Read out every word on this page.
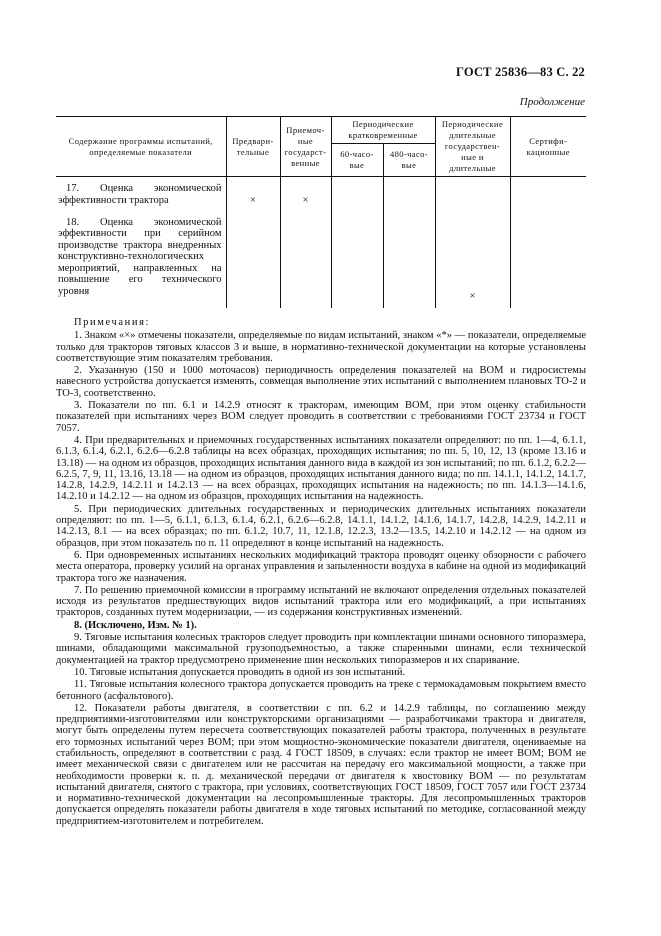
ГОСТ 25836—83 С. 22
Продолжение
Содержание программы испытаний, определяемые показатели	Предвари-тельные	Приемоч-ные государст-венные	Периодические кратковременные		Периодические длительные государствен-ные и длительные	Сертифи-кационные
			60-часо-вые	480-часо-вые		

17. Оценка экономической эффективности трактора	×	×				

18. Оценка экономической эффективности при серийном производстве трактора внедренных конструктивно-технологических мероприятий, направленных на повышение его технического уровня					×	

Примечания:

1. Знаком «×» отмечены показатели, определяемые по видам испытаний, знаком «*» — показатели, определяемые только для тракторов тяговых классов 3 и выше, в нормативно-технической документации на которые установлены соответствующие этим показателям требования.

2. Указанную (150 и 1000 моточасов) периодичность определения показателей на ВОМ и гидросистемы навесного устройства допускается изменять, совмещая выполнение этих испытаний с выполнением плановых ТО-2 и ТО-3, соответственно.

3. Показатели по пп. 6.1 и 14.2.9 относят к тракторам, имеющим ВОМ, при этом оценку стабильности показателей при испытаниях через ВОМ следует проводить в соответствии с требованиями ГОСТ 23734 и ГОСТ 7057.

4. При предварительных и приемочных государственных испытаниях показатели определяют: по пп. 1—4, 6.1.1, 6.1.3, 6.1.4, 6.2.1, 6.2.6—6.2.8 таблицы на всех образцах, проходящих испытания; по пп. 5, 10, 12, 13 (кроме 13.16 и 13.18) — на одном из образцов, проходящих испытания данного вида в каждой из зон испытаний; по пп. 6.1.2, 6.2.2—6.2.5, 7, 9, 11, 13.16, 13.18 — на одном из образцов, проходящих испытания данного вида; по пп. 14.1.1, 14.1.2, 14.1.7, 14.2.8, 14.2.9, 14.2.11 и 14.2.13 — на всех образцах, проходящих испытания на надежность; по пп. 14.1.3—14.1.6, 14.2.10 и 14.2.12 — на одном из образцов, проходящих испытания на надежность.

5. При периодических длительных государственных и периодических длительных испытаниях показатели определяют: по пп. 1—5, 6.1.1, 6.1.3, 6.1.4, 6.2.1, 6.2.6—6.2.8, 14.1.1, 14.1.2, 14.1.6, 14.1.7, 14.2.8, 14.2.9, 14.2.11 и 14.2.13, 8.1 — на всех образцах; по пп. 6.1.2, 10.7, 11, 12.1.8, 12.2.3, 13.2—13.5, 14.2.10 и 14.2.12 — на одном из образцов, при этом показатель по п. 11 определяют в конце испытаний на надежность.

6. При одновременных испытаниях нескольких модификаций трактора проводят оценку обзорности с рабочего места оператора, проверку усилий на органах управления и запыленности воздуха в кабине на одной из модификаций трактора того же назначения.

7. По решению приемочной комиссии в программу испытаний не включают определения отдельных показателей исходя из результатов предшествующих видов испытаний трактора или его модификаций, а при испытаниях тракторов, созданных путем модернизации, — из содержания конструктивных изменений.

8. (Исключено, Изм. № 1).

9. Тяговые испытания колесных тракторов следует проводить при комплектации шинами основного типоразмера, шинами, обладающими максимальной грузоподъемностью, а также спаренными шинами, если технической документацией на трактор предусмотрено применение шин нескольких типоразмеров и их спаривание.

10. Тяговые испытания допускается проводить в одной из зон испытаний.

11. Тяговые испытания колесного трактора допускается проводить на треке с термокадамовым покрытием вместо бетонного (асфальтового).

12. Показатели работы двигателя, в соответствии с пп. 6.2 и 14.2.9 таблицы, по соглашению между предприятиями-изготовителями или конструкторскими организациями — разработчиками трактора и двигателя, могут быть определены путем пересчета соответствующих показателей работы трактора, полученных в результате его тормозных испытаний через ВОМ; при этом мощностно-экономические показатели двигателя, оцениваемые на стабильность, определяют в соответствии с разд. 4 ГОСТ 18509, в случаях: если трактор не имеет ВОМ; ВОМ не имеет механической связи с двигателем или не рассчитан на передачу его максимальной мощности, а также при необходимости проверки к. п. д. механической передачи от двигателя к хвостовику ВОМ — по результатам испытаний двигателя, снятого с трактора, при условиях, соответствующих ГОСТ 18509, ГОСТ 7057 или ГОСТ 23734 и нормативно-технической документации на лесопромышленные тракторы. Для лесопромышленных тракторов допускается определять показатели работы двигателя в ходе тяговых испытаний по методике, согласованной между предприятием-изготовителем и потребителем.
